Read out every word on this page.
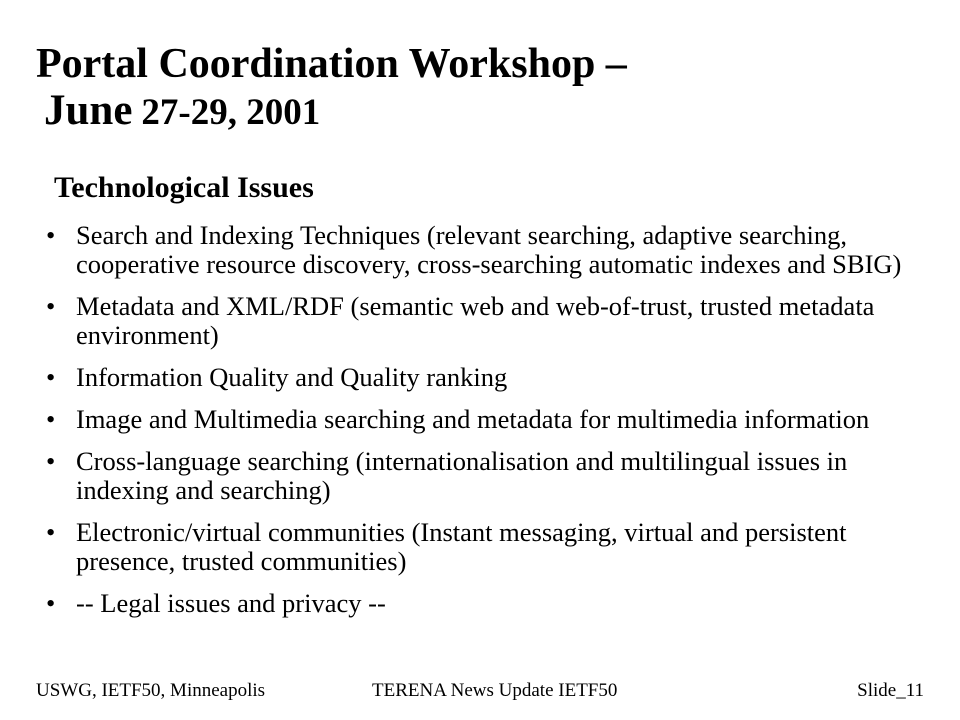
Portal Coordination Workshop –
June 27-29, 2001
Technological Issues
• Search and Indexing Techniques (relevant searching, adaptive searching,
cooperative resource discovery, cross-searching automatic indexes and SBIG)
• Metadata and XML/RDF (semantic web and web-of-trust, trusted metadata
environment)
• Information Quality and Quality ranking
• Image and Multimedia searching and metadata for multimedia information
• Cross-language searching (internationalisation and multilingual issues in
indexing and searching)
• Electronic/virtual communities (Instant messaging, virtual and persistent
presence, trusted communities)
• -- Legal issues and privacy --
USWG, IETF50, Minneapolis	TERENA News Update IETF50	Slide_11
